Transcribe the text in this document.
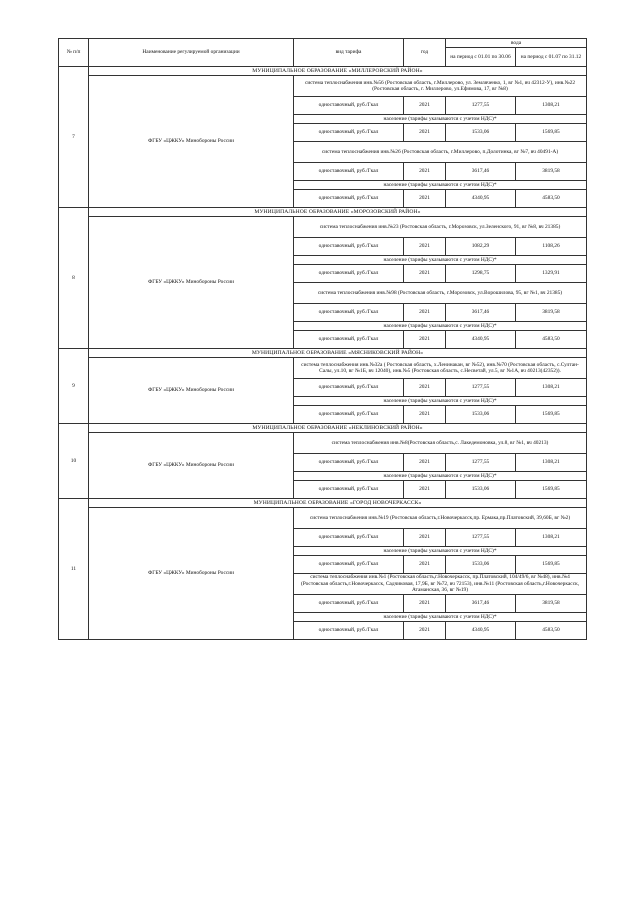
№ п/п	Наименование регулируемой организации	вид тарифа	год	вода	
				на период с 01.01 по 30.06	на период с 01.07 по 31.12
7	МУНИЦИПАЛЬНОЕ ОБРАЗОВАНИЕ «МИЛЛЕРОВСКИЙ РАЙОН»				
	ФГБУ «ЦЖКУ» Минобороны России	система теплоснабжения инв.№56 (Ростовская область, г.Миллерово, ул. Земляченко, 1, вг №1, вч 42312-У), инв.№22 (Ростовская область, г. Миллерово, ул.Ефимова, 17, вг №8)			
		одноставочный, руб./Гкал	2021	1277,55	1308,21
		население (тарифы указываются с учетом НДС)*			
		одноставочный, руб./Гкал	2021	1533,06	1569,85
		система теплоснабжения инв.№26 (Ростовская область, г.Миллерово, п.Долотинка, вг №7, вч 40491-А)			
		одноставочный, руб./Гкал	2021	3617,46	3819,58
		население (тарифы указываются с учетом НДС)*			
		одноставочный, руб./Гкал	2021	4340,95	4583,50
8	МУНИЦИПАЛЬНОЕ ОБРАЗОВАНИЕ «МОРОЗОВСКИЙ РАЙОН»				
	ФГБУ «ЦЖКУ» Минобороны России	система теплоснабжения инв.№23 (Ростовская область, г.Морозовск, ул.Зеленского, 91, вг №8, вч 21385)			
		одноставочный, руб./Гкал	2021	1082,29	1108,26
		население (тарифы указываются с учетом НДС)*			
		одноставочный, руб./Гкал	2021	1298,75	1329,91
		система теплоснабжения инв.№98 (Ростовская область, г.Морозовск, ул.Ворошилова, 95, вг №1, вч 21385)			
		одноставочный, руб./Гкал	2021	3617,46	3819,58
		население (тарифы указываются с учетом НДС)*			
		одноставочный, руб./Гкал	2021	4340,95	4583,50
9	МУНИЦИПАЛЬНОЕ ОБРАЗОВАНИЕ «МЯСНИКОВСКИЙ РАЙОН»				
	ФГБУ «ЦЖКУ» Минобороны России	система теплоснабжения инв.№32а ( Ростовская область, х.Ленинакан, вг №52), инв.№70 (Ростовская область, с.Султан-Салы, ул.10, вг №1Б, вч 12040), инв.№5 (Ростовская область, с.Несветай, ул.5, вг №1А, вч 40213(42352)).			
		одноставочный, руб./Гкал	2021	1277,55	1308,21
		население (тарифы указываются с учетом НДС)*			
		одноставочный, руб./Гкал	2021	1533,06	1569,85
10	МУНИЦИПАЛЬНОЕ ОБРАЗОВАНИЕ «НЕКЛИНОВСКИЙ РАЙОН»				
	ФГБУ «ЦЖКУ» Минобороны России	система теплоснабжения инв.№8(Ростовская область,с. Лакедемоновка, ул.8, вг №1, вч 40213)			
		одноставочный, руб./Гкал	2021	1277,55	1308,21
		население (тарифы указываются с учетом НДС)*			
		одноставочный, руб./Гкал	2021	1533,06	1569,85
11	МУНИЦИПАЛЬНОЕ ОБРАЗОВАНИЕ «ГОРОД НОВОЧЕРКАССК»				
	ФГБУ «ЦЖКУ» Минобороны России	система теплоснабжения инв.№19 (Ростовская область,г.Новочеркасск,пр. Ермака,пр.Платовский, 39,60Б, вг №2)			
		одноставочный, руб./Гкал	2021	1277,55	1308,21
		население (тарифы указываются с учетом НДС)*			
		одноставочный, руб./Гкал	2021	1533,06	1569,85
		система теплоснабжения инв.№1 (Ростовская область,г.Новочеркасск, пр.Платовский, 104/49/6, вг №48), инв.№4 (Ростовская область,г.Новочеркасск, Садчиковая, 17,9Б, вг №72, вч 72153), инв.№11 (Ростовская область,г.Новочеркасск, Атаманская, 36, вг №19)			
		одноставочный, руб./Гкал	2021	3617,46	3819,58
		население (тарифы указываются с учетом НДС)*			
		одноставочный, руб./Гкал	2021	4340,95	4583,50
